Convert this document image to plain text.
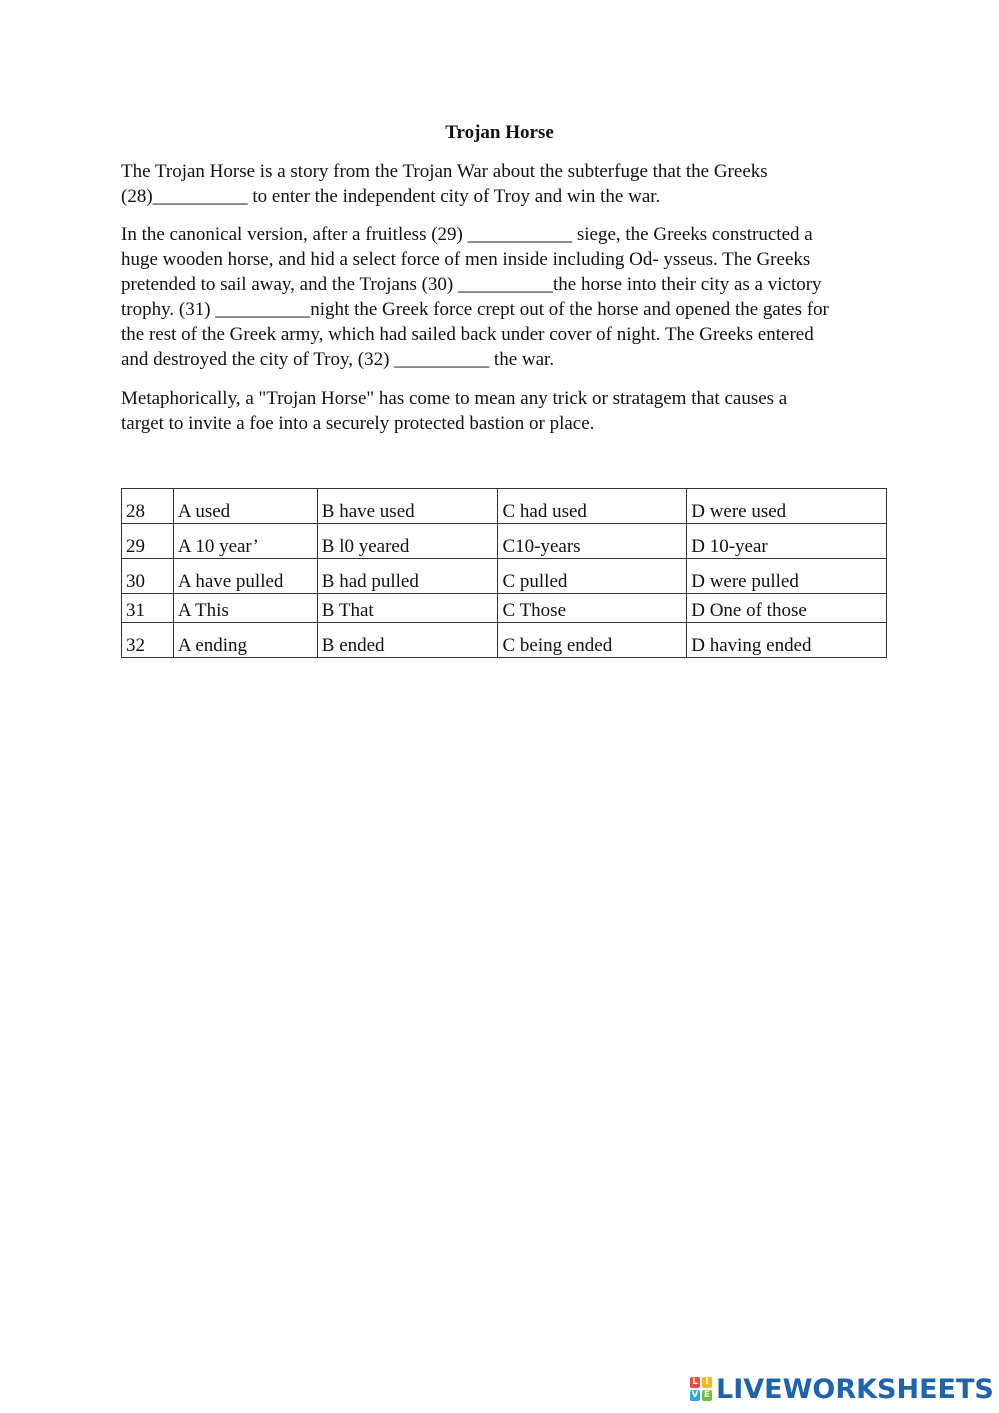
Trojan Horse

The Trojan Horse is a story from the Trojan War about the subterfuge that the Greeks
(28)__________ to enter the independent city of Troy and win the war.

In the canonical version, after a fruitless (29) ___________ siege, the Greeks constructed a
huge wooden horse, and hid a select force of men inside including Od- ysseus. The Greeks
pretended to sail away, and the Trojans (30) __________the horse into their city as a victory
trophy. (31) __________night the Greek force crept out of the horse and opened the gates for
the rest of the Greek army, which had sailed back under cover of night. The Greeks entered
and destroyed the city of Troy, (32) __________ the war.

Metaphorically, a "Trojan Horse" has come to mean any trick or stratagem that causes a
target to invite a foe into a securely protected bastion or place.

28	A used	B have used	C had used	D were used
29	A 10 year’	B l0 yeared	C10-years	D 10-year
30	A have pulled	B had pulled	C pulled	D were pulled
31	A This	B That	C Those	D One of those
32	A ending	B ended	C being ended	D having ended
L I
V E LIVEWORKSHEETS
